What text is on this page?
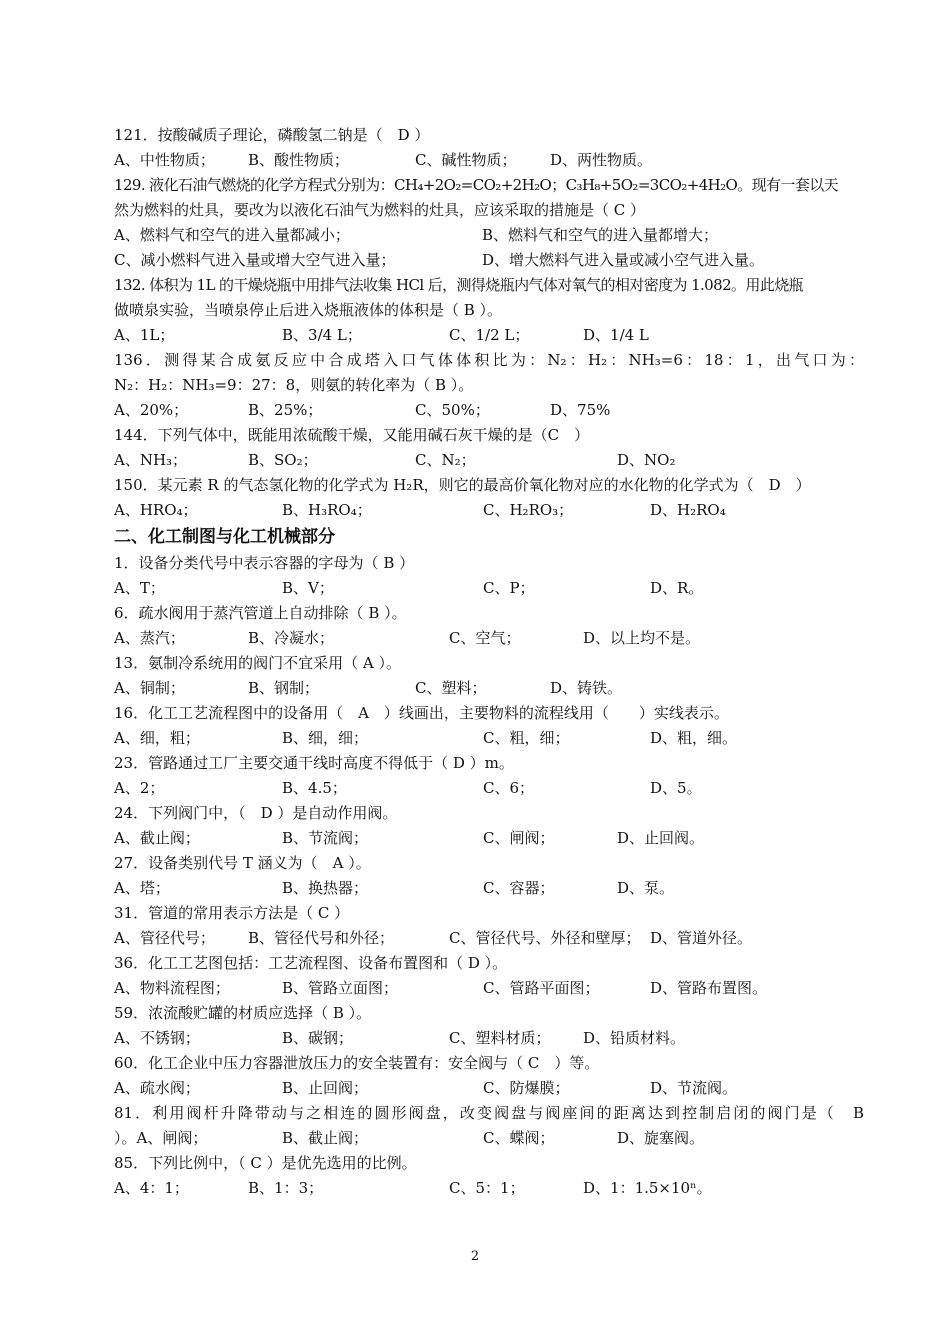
121．按酸碱质子理论，磷酸氢二钠是（　D ）
A、中性物质； B、酸性物质；	C、碱性物质； D、两性物质。
129. 液化石油气燃烧的化学方程式分别为：CH₄+2O₂=CO₂+2H₂O；C₃H₈+5O₂=3CO₂+4H₂O。现有一套以天
然为燃料的灶具，要改为以液化石油气为燃料的灶具，应该采取的措施是（ C ）
A、燃料气和空气的进入量都减小；	B、燃料气和空气的进入量都增大；
C、减小燃料气进入量或增大空气进入量；	D、增大燃料气进入量或减小空气进入量。
132. 体积为 1L 的干燥烧瓶中用排气法收集 HCl 后，测得烧瓶内气体对氧气的相对密度为 1.082。用此烧瓶
做喷泉实验，当喷泉停止后进入烧瓶液体的体积是（ B ）。
A、1L；	B、3/4 L；	C、1/2 L；	D、1/4 L
136．测得某合成氨反应中合成塔入口气体体积比为：N₂：H₂：NH₃=6：18：1，出气口为：
N₂：H₂：NH₃=9：27：8，则氨的转化率为（ B ）。
A、20%；	B、25%；	C、50%；	D、75%
144．下列气体中，既能用浓硫酸干燥，又能用碱石灰干燥的是（C　）
A、NH₃；	B、SO₂；	C、N₂；	D、NO₂
150．某元素 R 的气态氢化物的化学式为 H₂R，则它的最高价氧化物对应的水化物的化学式为（　D　）
A、HRO₄；	B、H₃RO₄；	C、H₂RO₃；	D、H₂RO₄
二、化工制图与化工机械部分
1．设备分类代号中表示容器的字母为（ B ）
A、T；	B、V；	C、P；	D、R。
6．疏水阀用于蒸汽管道上自动排除（ B ）。
A、蒸汽；	B、冷凝水；	C、空气；	D、以上均不是。
13．氨制冷系统用的阀门不宜采用（ A ）。
A、铜制；	B、钢制；	C、塑料；	D、铸铁。
16．化工工艺流程图中的设备用（　A　）线画出，主要物料的流程线用（　　）实线表示。
A、细，粗；	B、细，细；	C、粗，细；	D、粗，细。
23．管路通过工厂主要交通干线时高度不得低于（ D ）m。
A、2；	B、4.5；	C、6；	D、5。
24．下列阀门中，（　D ）是自动作用阀。
A、截止阀；	B、节流阀；	C、闸阀；	D、止回阀。
27．设备类别代号 T 涵义为（　A ）。
A、塔；	B、换热器；	C、容器；	D、泵。
31．管道的常用表示方法是（ C ）
A、管径代号； B、管径代号和外径；	C、管径代号、外径和壁厚； D、管道外径。
36．化工工艺图包括：工艺流程图、设备布置图和（ D ）。
A、物料流程图；	B、管路立面图；	C、管路平面图；	D、管路布置图。
59．浓流酸贮罐的材质应选择（ B ）。
A、不锈钢；	B、碳钢；	C、塑料材质； D、铅质材料。
60．化工企业中压力容器泄放压力的安全装置有：安全阀与（ C　）等。
A、疏水阀；	B、止回阀；	C、防爆膜；	D、节流阀。
81．利用阀杆升降带动与之相连的圆形阀盘，改变阀盘与阀座间的距离达到控制启闭的阀门是（　B
）。A、闸阀；	B、截止阀；	C、蝶阀；	D、旋塞阀。
85．下列比例中，（ C ）是优先选用的比例。
A、4：1；	B、1：3；	C、5：1；	D、1：1.5×10ⁿ。
2
